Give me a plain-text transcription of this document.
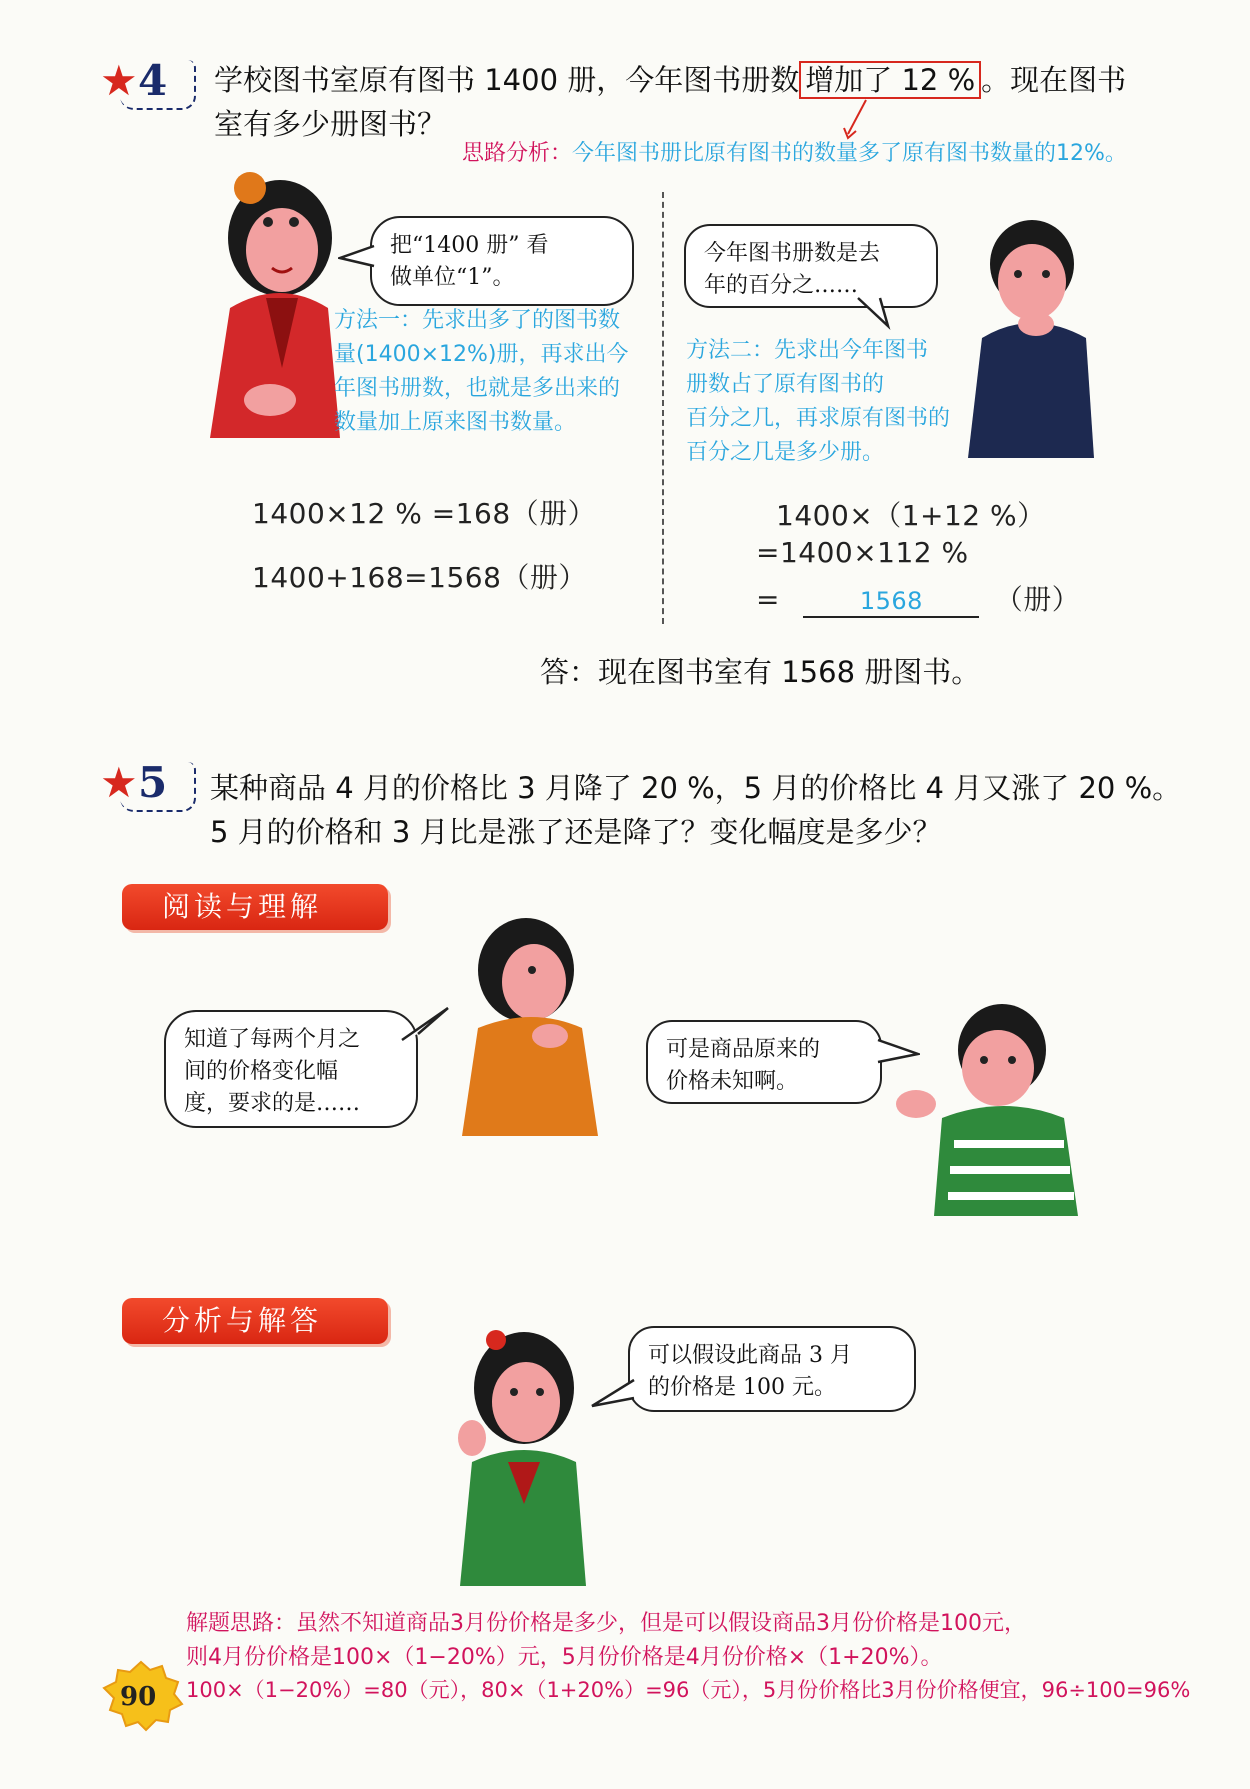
★ 4 学校图书室原有图书 1400 册，今年图书册数 增加了 12 % 。现在图书
室有多少册图书？
思路分析：今年图书册比原有图书的数量多了原有图书数量的12%。
把“1400 册” 看
做单位“1”。
方法一：先求出多了的图书数
量(1400×12%)册，再求出今
年图书册数，也就是多出来的
数量加上原来图书数量。
今年图书册数是去
年的百分之……
方法二：先求出今年图书
册数占了原有图书的
百分之几，再求原有图书的
百分之几是多少册。
1400×12 % =168（册）
1400+168=1568（册）
1400×（1+12 %）
=1400×112 %
=	1568	（册）
答：现在图书室有 1568 册图书。
★ 5 某种商品 4 月的价格比 3 月降了 20 %，5 月的价格比 4 月又涨了 20 %。
5 月的价格和 3 月比是涨了还是降了？变化幅度是多少？
阅读与理解
知道了每两个月之
间的价格变化幅
度，要求的是……
可是商品原来的
价格未知啊。
分析与解答
可以假设此商品 3 月
的价格是 100 元。
解题思路：虽然不知道商品3月份价格是多少，但是可以假设商品3月份价格是100元，
则4月份价格是100×（1−20%）元，5月份价格是4月份价格×（1+20%）。
100×（1−20%）=80（元），80×（1+20%）=96（元），5月份价格比3月份价格便宜，96÷100=96%
90
